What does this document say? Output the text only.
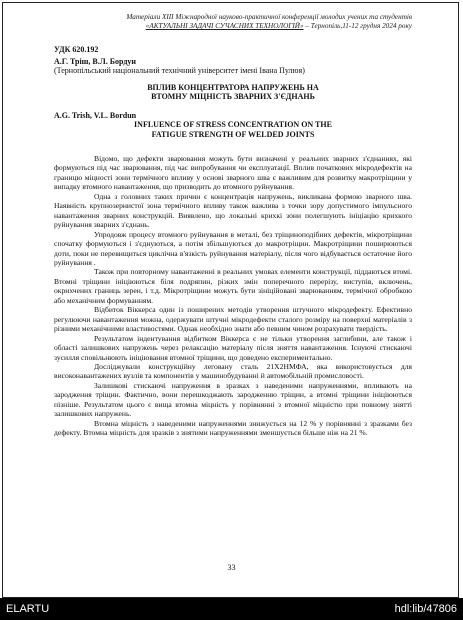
Матеріали XIII Міжнародної науково-практичної конференції молодих учених та студентів
«АКТУАЛЬНІ ЗАДАЧІ СУЧАСНИХ ТЕХНОЛОГІЙ» – Тернопіль,11-12 грудня 2024 року
УДК 620.192
А.Г. Тріш, В.Л. Бордун
(Тернопільський національний технічний університет імені Івана Пулюя)
ВПЛИВ КОНЦЕНТРАТОРА НАПРУЖЕНЬ НА
ВТОМНУ МІЦНІСТЬ ЗВАРНИХ З'ЄДНАНЬ
A.G. Trish, V.L. Bordun
INFLUENCE OF STRESS CONCENTRATION ON THE
FATIGUE STRENGTH OF WELDED JOINTS

Відомо, що дефекти зварювання можуть бути визначені у реальних зварних з'єднаннях, які формуються під час зварювання, під час випробування чи експлуатації. Вплив початкових мікродефектів на границю міцності зони термічного впливу у основі зварного шва є важливим для розвитку макротріщини у випадку втомного навантаження, що призводить до втомного руйнування.

Одна з головних таких причин є концентрація напружень, викликана формою зварного шва. Наявність крупнозернистої зона термічного впливу також важлива з точки зору допустимого імпульсного навантаження зварних конструкцій. Виявлено, що локальні крихкі зони полегшують ініціацію крихкого руйнування зварних з'єднань.

Упродовж процесу втомного руйнування в металі, без тріщиноподібних дефектів, мікротріщини спочатку формуються і з'єднуються, а потім збільшуються до макротріщин. Макротріщини поширюються доти, поки не перевищиться циклічна в'язкість руйнування матеріалу, після чого відбувається остаточне його руйнування .

Також при повторному навантаженні в реальних умовах елементи конструкції, піддаються втомі. Втомні тріщини ініціюються біля подряпин, різких змін поперечного перерізу, виступів, включень, окрихчених границь зерен, і т.д. Мікротріщини можуть бути зініційовані зварюванням, термічної обробкою або механічним формуванням.

Відбиток Віккерса один із поширених методів утворення штучного мікродефекту. Ефективно регулюючи навантаження можна, одержувати штучні мікродефекти сталого розміру на поверхні матеріалів з різними механічними властивостями. Однак необхідно знати або певним чином розрахувати твердість.

Результатом індентування відбитком Віккерса є не тільки утворення заглибини, але також і області залишкових напружень через релаксацію матеріалу після зняття навантаження. Існуючі стискаючі зусилля сповільнюють ініціювання втомної тріщини, що доведено експериментально.

Досліджували конструкційну леговану сталь 21Х2НМФА, яка використовується для високонавантажених вузлів та компонентів у машинобудуванні й автомобільній промисловості.

Залишкові стискаючі напруження в зразках з наведеними напруженнями, впливають на зародження тріщин. Фактично, вони перешкоджають зародженню тріщин, а втомні тріщини ініціюються пізніше. Результатом цього є вища втомна міцність у порівнянні з втомної міцністю при повному знятті залишкових напружень.

Втомна міцність з наведеними напруженнями знижується на 12 % у порівнянні з зразками без дефекту. Втомна міцність для зразків з знятими напруженнями зменшується більше ніж на 21 %.

33
ELARTU	hdl:lib/47806
